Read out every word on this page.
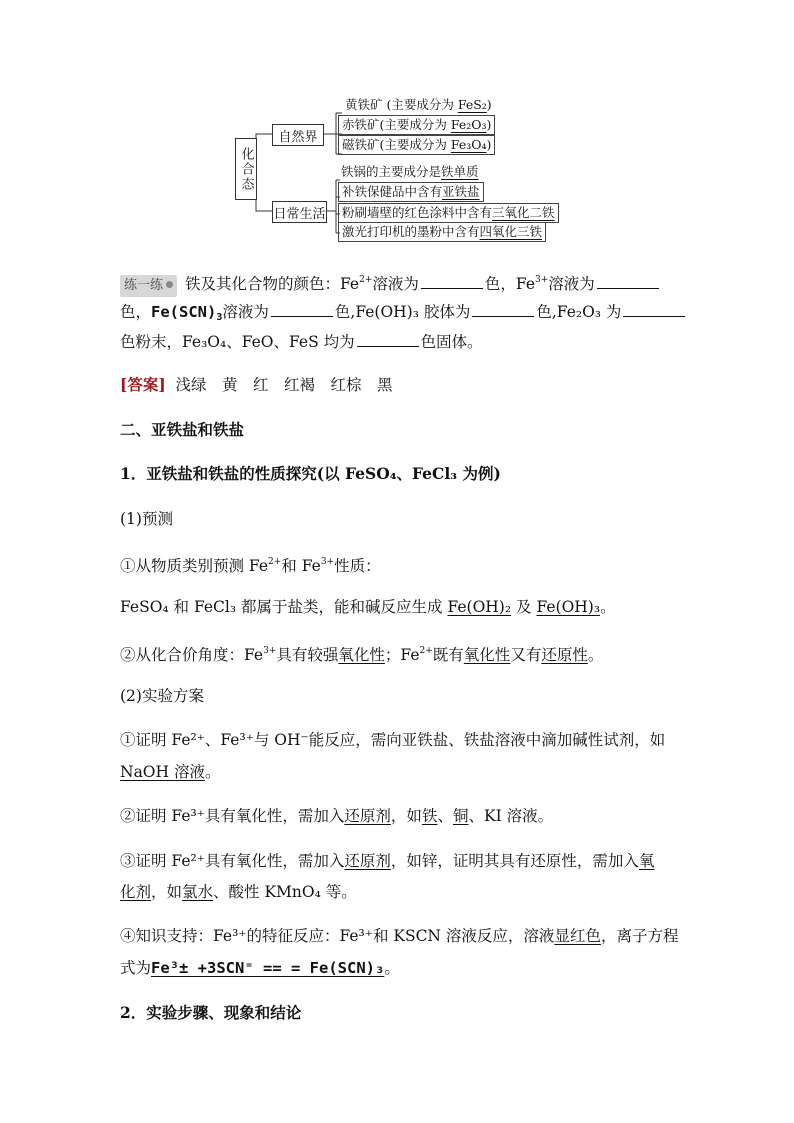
化合态
自然界
日常生活
黄铁矿 (主要成分为 FeS₂)
赤铁矿(主要成分为 Fe₂O₃)
磁铁矿(主要成分为 Fe₃O₄)
铁锅的主要成分是铁单质
补铁保健品中含有亚铁盐
粉刷墙壁的红色涂料中含有三氧化二铁
激光打印机的墨粉中含有四氧化三铁
练一练 铁及其化合物的颜色：$Fe^{2+}$溶液为	色，$Fe^{3+}$溶液为
色，$Fe(SCN)_3$溶液为	色,Fe(OH)₃ 胶体为	色,Fe₂O₃ 为
色粉末，Fe₃O₄、FeO、FeS 均为	色固体。
[答案] 浅绿　黄　红　红褐　红棕　黑
二、亚铁盐和铁盐
1．亚铁盐和铁盐的性质探究(以 FeSO₄、FeCl₃ 为例)
(1)预测
①从物质类别预测 $Fe^{2+}$和 $Fe^{3+}$性质：
FeSO₄ 和 FeCl₃ 都属于盐类，能和碱反应生成 Fe(OH)₂ 及 Fe(OH)₃。
②从化合价角度：$Fe^{3+}$具有较强氧化性；$Fe^{2+}$既有氧化性又有还原性。
(2)实验方案
①证明 Fe²⁺、Fe³⁺与 OH⁻能反应，需向亚铁盐、铁盐溶液中滴加碱性试剂，如
NaOH 溶液。
②证明 Fe³⁺具有氧化性，需加入还原剂，如铁、铜、KI 溶液。
③证明 Fe²⁺具有氧化性，需加入还原剂，如锌，证明其具有还原性，需加入氧
化剂，如氯水、酸性 KMnO₄ 等。
④知识支持：Fe³⁺的特征反应：Fe³⁺和 KSCN 溶液反应，溶液显红色，离子方程
式为Fe³± +3SCN⁼ == = Fe(SCN)₃。
2．实验步骤、现象和结论
